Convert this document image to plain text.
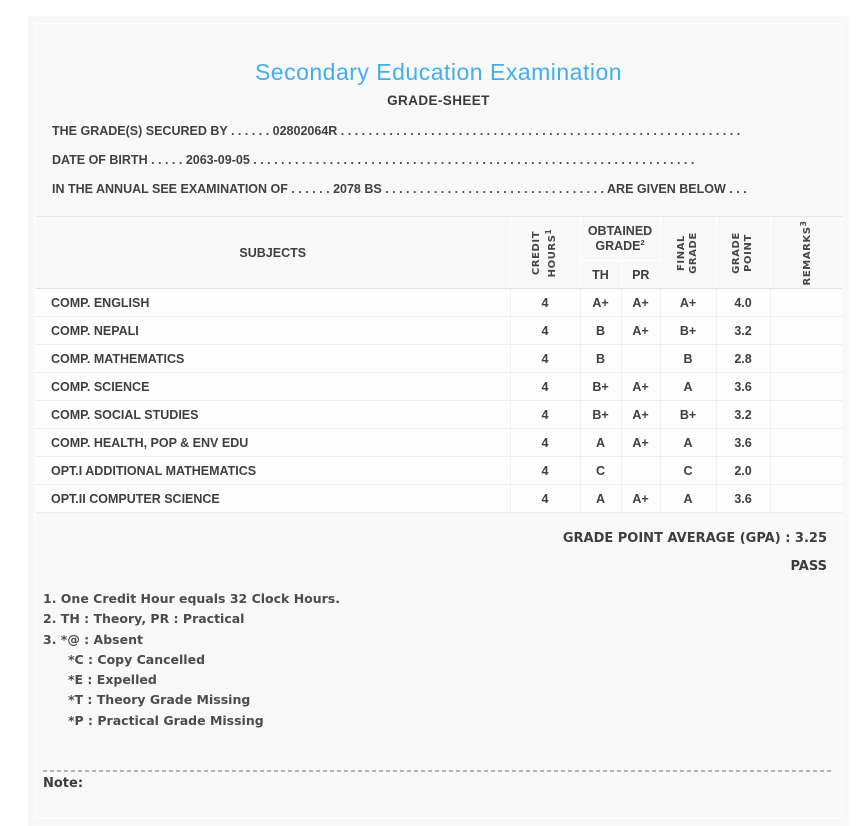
Secondary Education Examination
GRADE-SHEET
THE GRADE(S) SECURED BY . . . . . . 02802064R . . . . . . . . . . . . . . . . . . . . . . . . . . . . . . . . . . . . . . . . . . . . . . . . . . . . . . . . . .
DATE OF BIRTH . . . . . 2063-09-05 . . . . . . . . . . . . . . . . . . . . . . . . . . . . . . . . . . . . . . . . . . . . . . . . . . . . . . . . . . . . . . . .
IN THE ANNUAL SEE EXAMINATION OF . . . . . . 2078 BS . . . . . . . . . . . . . . . . . . . . . . . . . . . . . . . . ARE GIVEN BELOW . . .
SUBJECTS	CREDIT HOURS$^1$	OBTAINED GRADE$^2$		FINAL GRADE	GRADE POINT	REMARKS$^3$

		TH	PR			
COMP. ENGLISH	4	A+	A+	A+	4.0	
COMP. NEPALI	4	B	A+	B+	3.2	
COMP. MATHEMATICS	4	B		B	2.8	
COMP. SCIENCE	4	B+	A+	A	3.6	
COMP. SOCIAL STUDIES	4	B+	A+	B+	3.2	
COMP. HEALTH, POP & ENV EDU	4	A	A+	A	3.6	
OPT.I ADDITIONAL MATHEMATICS	4	C		C	2.0	
OPT.II COMPUTER SCIENCE	4	A	A+	A	3.6	
GRADE POINT AVERAGE (GPA) : 3.25
PASS
1. One Credit Hour equals 32 Clock Hours.
2. TH : Theory, PR : Practical
3. *@ : Absent
*C : Copy Cancelled
*E : Expelled
*T : Theory Grade Missing
*P : Practical Grade Missing
Note:
